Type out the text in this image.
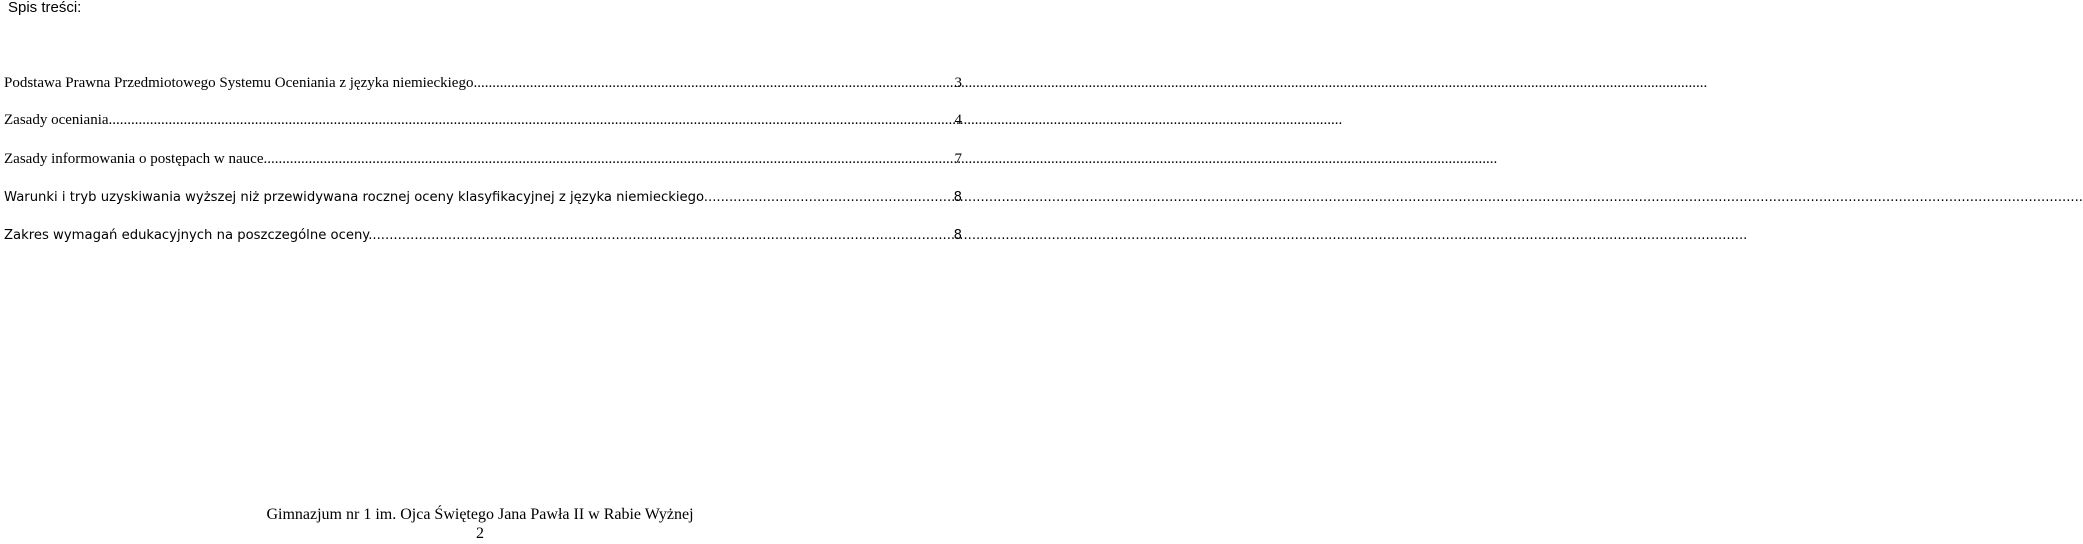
Spis treści:
Podstawa Prawna Przedmiotowego Systemu Oceniania z języka niemieckiego. .....	3
Zasady oceniania. .....	4
Zasady informowania o postępach w nauce. .....	7
Warunki i tryb uzyskiwania wyższej niż przewidywana rocznej oceny klasyfikacyjnej z języka niemieckiego. .....	8
Zakres wymagań edukacyjnych na poszczególne oceny. .....	8
Gimnazjum nr 1 im. Ojca Świętego Jana Pawła II w Rabie Wyżnej
2
